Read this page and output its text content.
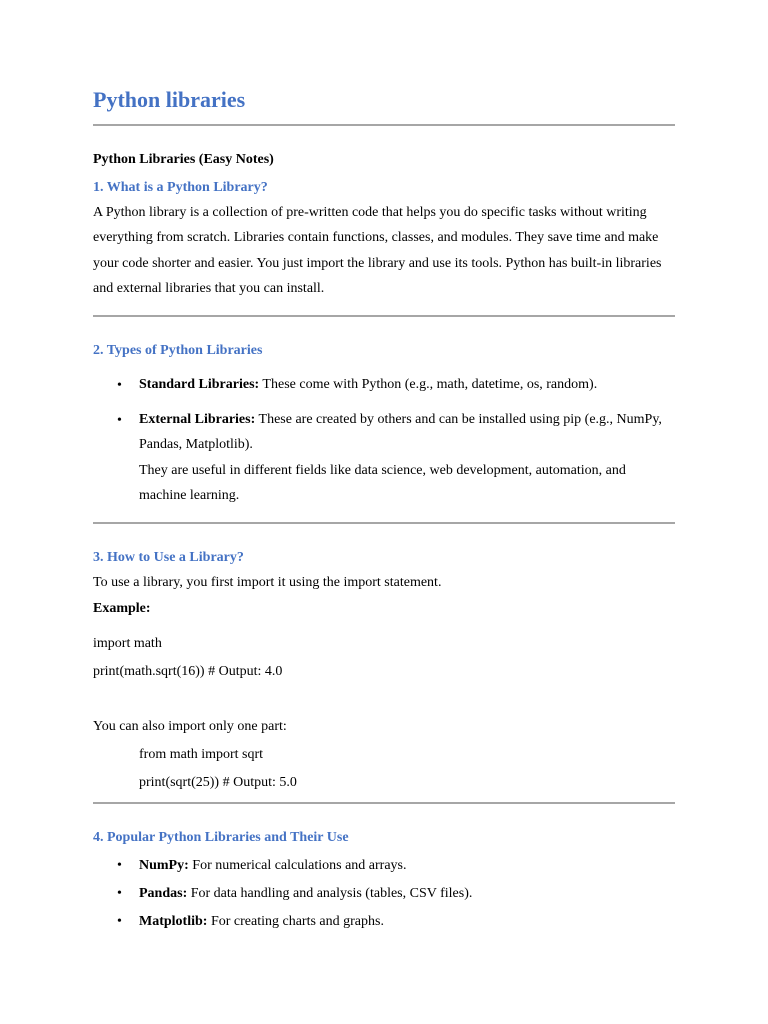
Python libraries
Python Libraries (Easy Notes)
1. What is a Python Library?
A Python library is a collection of pre-written code that helps you do specific tasks without writing everything from scratch. Libraries contain functions, classes, and modules. They save time and make your code shorter and easier. You just import the library and use its tools. Python has built-in libraries and external libraries that you can install.
2. Types of Python Libraries
• Standard Libraries: These come with Python (e.g., math, datetime, os, random).
• External Libraries: These are created by others and can be installed using pip (e.g., NumPy, Pandas, Matplotlib).
They are useful in different fields like data science, web development, automation, and machine learning.
3. How to Use a Library?
To use a library, you first import it using the import statement.
Example:
import math
print(math.sqrt(16)) # Output: 4.0
You can also import only one part:
from math import sqrt
print(sqrt(25)) # Output: 5.0
4. Popular Python Libraries and Their Use
• NumPy: For numerical calculations and arrays.
• Pandas: For data handling and analysis (tables, CSV files).
• Matplotlib: For creating charts and graphs.
